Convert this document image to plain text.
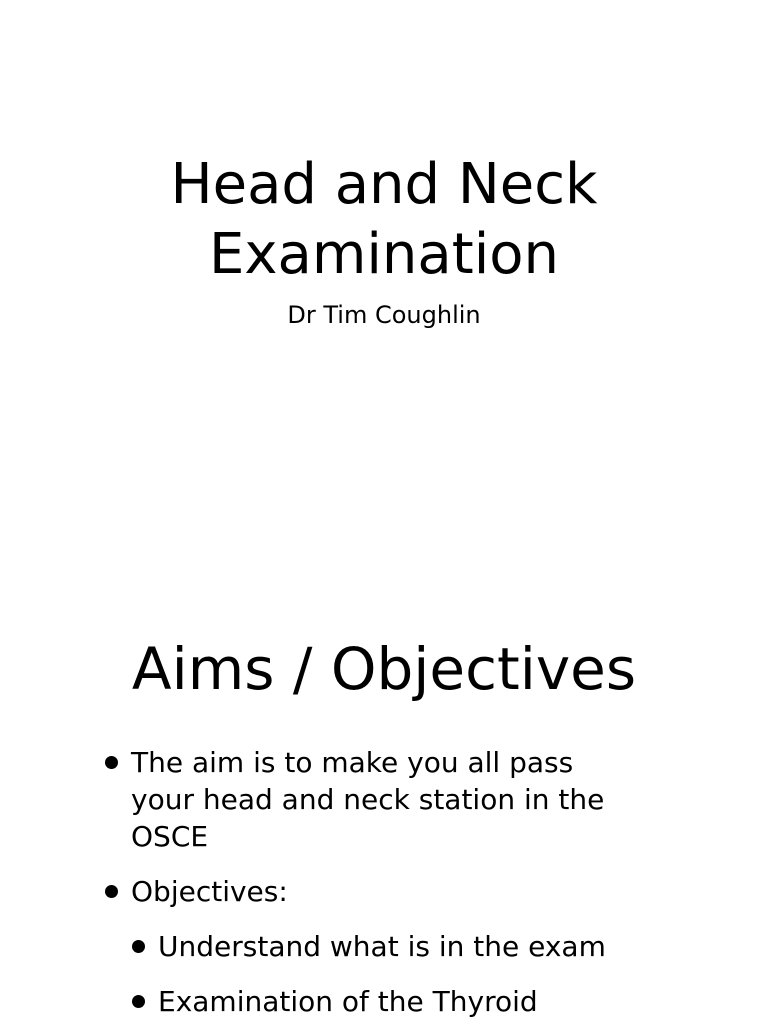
Head and Neck
Examination

Dr Tim Coughlin

Aims / Objectives
The aim is to make you all pass
your head and neck station in the
OSCE
Objectives:
Understand what is in the exam
Examination of the Thyroid
